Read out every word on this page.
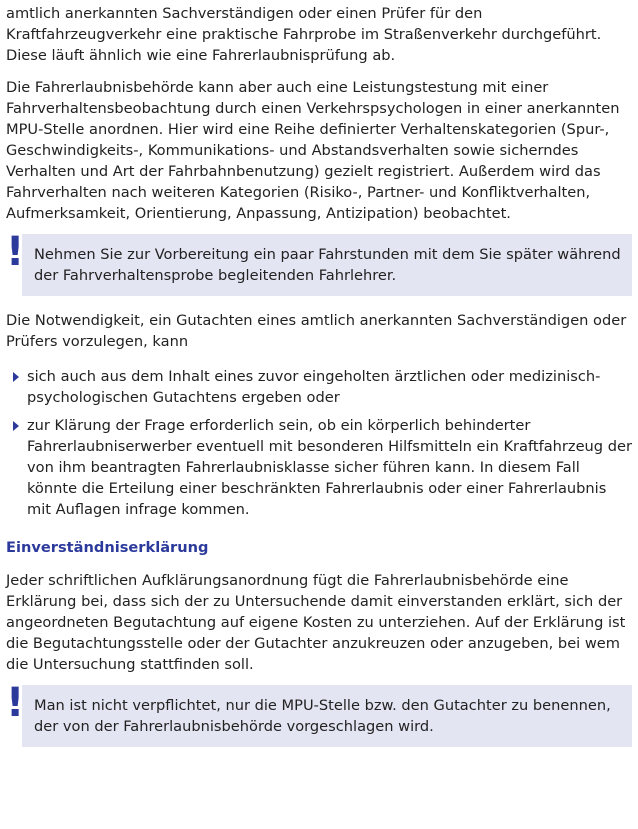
amtlich anerkannten Sachverständigen oder einen Prüfer für den Kraftfahrzeugverkehr eine praktische Fahrprobe im Straßenverkehr durchgeführt. Diese läuft ähnlich wie eine Fahrerlaubnisprüfung ab.

Die Fahrerlaubnisbehörde kann aber auch eine Leistungstestung mit einer Fahrverhaltensbeobachtung durch einen Verkehrspsychologen in einer anerkannten MPU-Stelle anordnen. Hier wird eine Reihe definierter Verhaltenskategorien (Spur-, Geschwindigkeits-, Kommunikations- und Abstandsverhalten sowie sicherndes Verhalten und Art der Fahrbahnbenutzung) gezielt registriert. Außerdem wird das Fahrverhalten nach weiteren Kategorien (Risiko-, Partner- und Konfliktverhalten, Aufmerksamkeit, Orientierung, Anpassung, Antizipation) beobachtet.

! Nehmen Sie zur Vorbereitung ein paar Fahrstunden mit dem Sie später während der Fahrverhaltensprobe begleitenden Fahrlehrer.

Die Notwendigkeit, ein Gutachten eines amtlich anerkannten Sachverständigen oder Prüfers vorzulegen, kann

sich auch aus dem Inhalt eines zuvor eingeholten ärztlichen oder medizinisch-psychologischen Gutachtens ergeben oder
zur Klärung der Frage erforderlich sein, ob ein körperlich behinderter Fahrerlaubniserwerber eventuell mit besonderen Hilfsmitteln ein Kraftfahrzeug der von ihm beantragten Fahrerlaubnisklasse sicher führen kann. In diesem Fall könnte die Erteilung einer beschränkten Fahrerlaubnis oder einer Fahrerlaubnis mit Auflagen infrage kommen.
Einverständniserklärung

Jeder schriftlichen Aufklärungsanordnung fügt die Fahrerlaubnisbehörde eine Erklärung bei, dass sich der zu Untersuchende damit einverstanden erklärt, sich der angeordneten Begutachtung auf eigene Kosten zu unterziehen. Auf der Erklärung ist die Begutachtungsstelle oder der Gutachter anzukreuzen oder anzugeben, bei wem die Untersuchung stattfinden soll.

! Man ist nicht verpflichtet, nur die MPU-Stelle bzw. den Gutachter zu benennen, der von der Fahrerlaubnisbehörde vorgeschlagen wird.
